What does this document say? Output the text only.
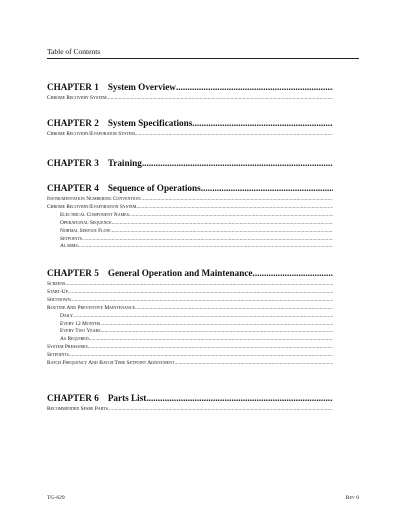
Table of Contents
CHAPTER 1 System Overview
.....
Chrome Recovery System
.....
CHAPTER 2 System Specifications
.....
Chrome Recovery/Evaporator System
.....
CHAPTER 3 Training
.....
CHAPTER 4 Sequence of Operations
.....
Instrumentation Numbering Convention:
.....
Chrome Recovery/Evaporation System
.....
Electrical Component Names
.....
Operational Sequence
.....
Normal Service Flow
.....
Setpoints
.....
Alarms
.....
CHAPTER 5 General Operation and Maintenance
.....
Screens
.....
Start-Up
.....
Shutdown
.....
Routine And Preventive Maintenance
.....
Daily
.....
Every 12 Months
.....
Every Two Years
.....
As Required
.....
System Pressures
.....
Setpoints
.....
Batch Frequency And Batch Time Setpoint Adjustment
.....
CHAPTER 6 Parts List
.....
Recommended Spare Parts
.....
TG-629	Rev 0
